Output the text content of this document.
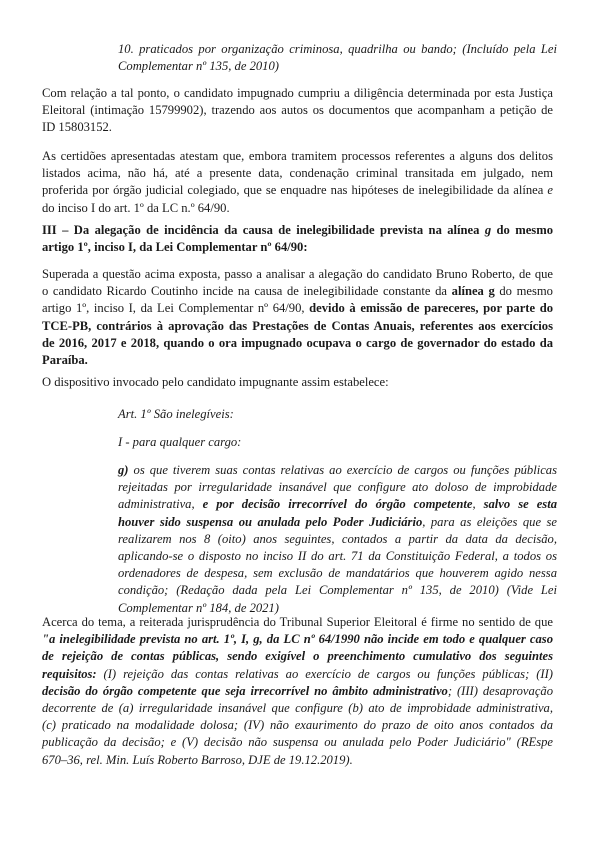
10. praticados por organização criminosa, quadrilha ou bando; (Incluído pela Lei
Complementar nº 135, de 2010)
Com relação a tal ponto, o candidato impugnado cumpriu a diligência determinada por esta Justiça
Eleitoral (intimação 15799902), trazendo aos autos os documentos que acompanham a petição de
ID 15803152.
As certidões apresentadas atestam que, embora tramitem processos referentes a alguns dos delitos
listados acima, não há, até a presente data, condenação criminal transitada em julgado, nem
proferida por órgão judicial colegiado, que se enquadre nas hipóteses de inelegibilidade da alínea e
do inciso I do art. 1º da LC n.º 64/90.
III – Da alegação de incidência da causa de inelegibilidade prevista na alínea g do mesmo
artigo 1º, inciso I, da Lei Complementar nº 64/90:
Superada a questão acima exposta, passo a analisar a alegação do candidato Bruno Roberto, de que
o candidato Ricardo Coutinho incide na causa de inelegibilidade constante da alínea g do mesmo
artigo 1º, inciso I, da Lei Complementar nº 64/90, devido à emissão de pareceres, por parte do
TCE-PB, contrários à aprovação das Prestações de Contas Anuais, referentes aos exercícios
de 2016, 2017 e 2018, quando o ora impugnado ocupava o cargo de governador do estado da
Paraíba.
O dispositivo invocado pelo candidato impugnante assim estabelece:
Art. 1º São inelegíveis:
I - para qualquer cargo:
g) os que tiverem suas contas relativas ao exercício de cargos ou funções públicas
rejeitadas por irregularidade insanável que configure ato doloso de improbidade
administrativa, e por decisão irrecorrível do órgão competente, salvo se esta
houver sido suspensa ou anulada pelo Poder Judiciário, para as eleições que se
realizarem nos 8 (oito) anos seguintes, contados a partir da data da decisão,
aplicando-se o disposto no inciso II do art. 71 da Constituição Federal, a todos os
ordenadores de despesa, sem exclusão de mandatários que houverem agido nessa
condição; (Redação dada pela Lei Complementar nº 135, de 2010) (Vide Lei
Complementar nº 184, de 2021)
Acerca do tema, a reiterada jurisprudência do Tribunal Superior Eleitoral é firme no sentido de que
"a inelegibilidade prevista no art. 1º, I, g, da LC nº 64/1990 não incide em todo e qualquer caso
de rejeição de contas públicas, sendo exigível o preenchimento cumulativo dos seguintes
requisitos: (I) rejeição das contas relativas ao exercício de cargos ou funções públicas; (II)
decisão do órgão competente que seja irrecorrível no âmbito administrativo; (III) desaprovação
decorrente de (a) irregularidade insanável que configure (b) ato de improbidade administrativa,
(c) praticado na modalidade dolosa; (IV) não exaurimento do prazo de oito anos contados da
publicação da decisão; e (V) decisão não suspensa ou anulada pelo Poder Judiciário" (REspe
670–36, rel. Min. Luís Roberto Barroso, DJE de 19.12.2019).
